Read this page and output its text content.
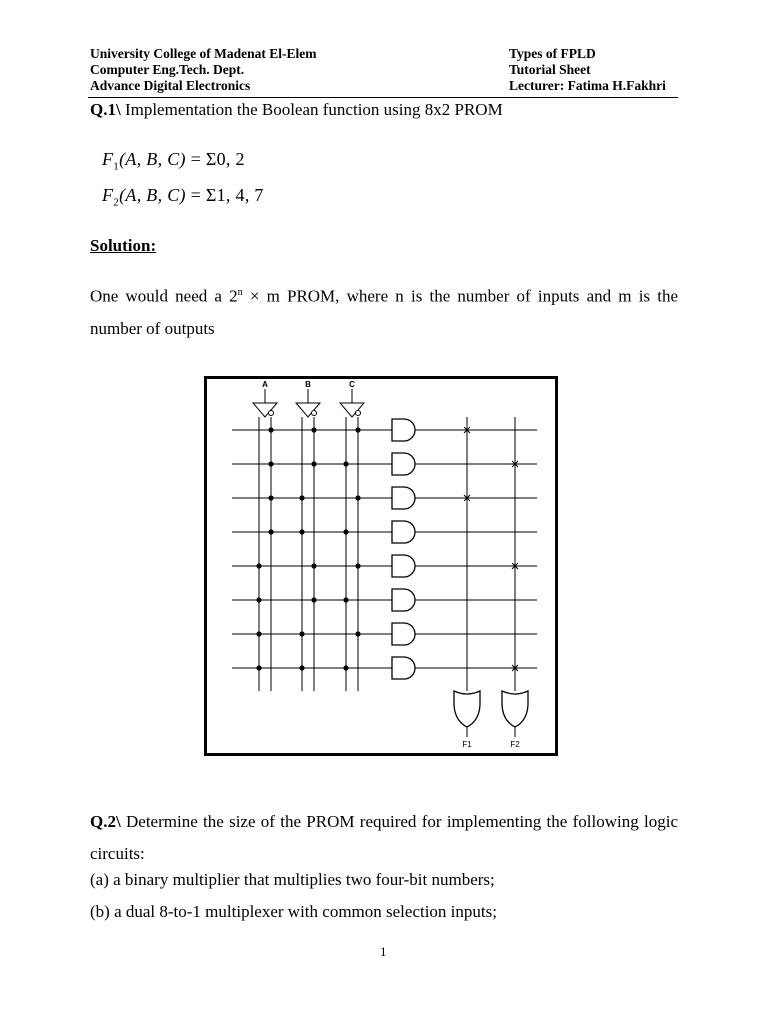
University College of Madenat El-Elem
Computer Eng.Tech. Dept.
Advance Digital Electronics
Types of FPLD
Tutorial Sheet
Lecturer: Fatima H.Fakhri
Q.1\ Implementation the Boolean function using 8x2 PROM
$F_1(A$, B, C) = Σ0, 2
$F_2(A$, B, C) = Σ1, 4, 7
Solution:
One would need a $2^n \times m$ PROM, where n is the number of inputs and m is the number of outputs
A	B	C
F1	F2
Q.2\ Determine the size of the PROM required for implementing the following logic circuits:
(a) a binary multiplier that multiplies two four-bit numbers;
(b) a dual 8-to-1 multiplexer with common selection inputs;
1
